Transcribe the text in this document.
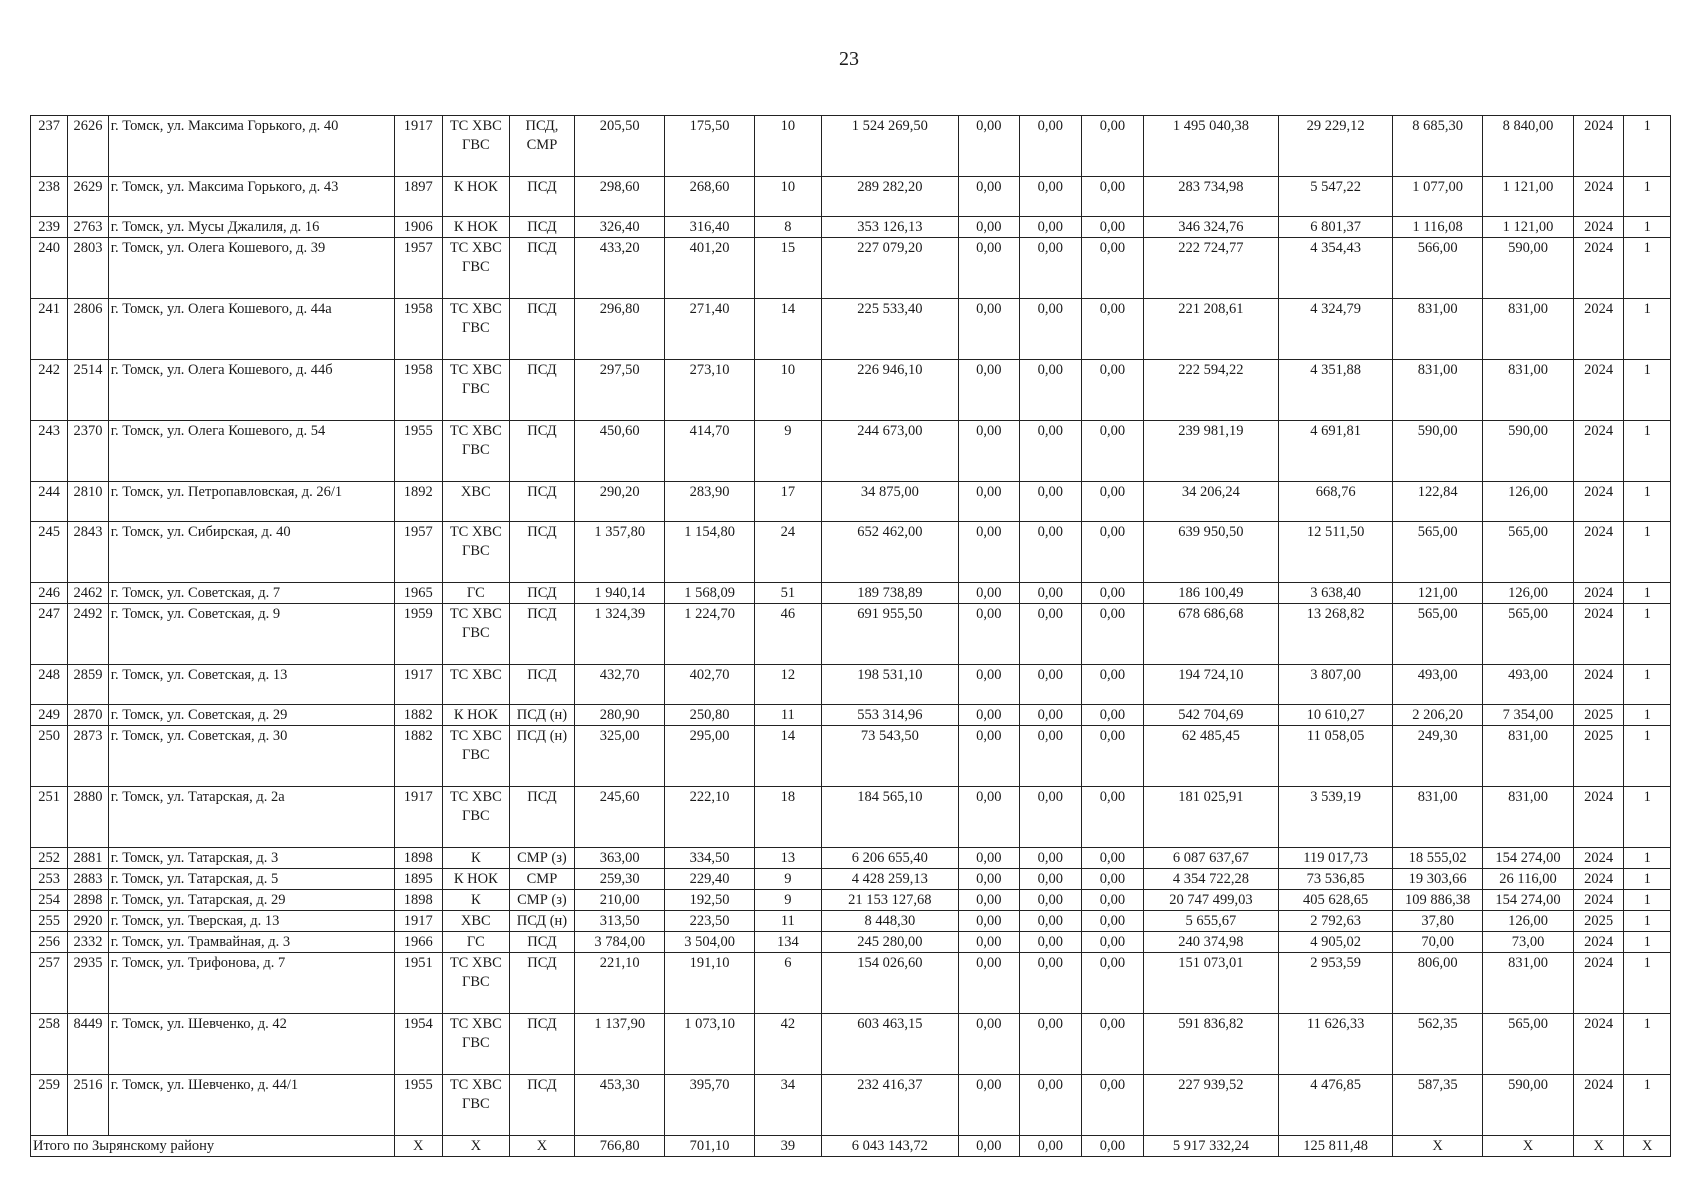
23
237	2626	г. Томск, ул. Максима Горького, д. 40	1917	ТС ХВС ГВС	ПСД, СМР	205,50	175,50	10	1 524 269,50	0,00	0,00	0,00	1 495 040,38	29 229,12	8 685,30	8 840,00	2024	1
238	2629	г. Томск, ул. Максима Горького, д. 43	1897	К НОК	ПСД	298,60	268,60	10	289 282,20	0,00	0,00	0,00	283 734,98	5 547,22	1 077,00	1 121,00	2024	1
239	2763	г. Томск, ул. Мусы Джалиля, д. 16	1906	К НОК	ПСД	326,40	316,40	8	353 126,13	0,00	0,00	0,00	346 324,76	6 801,37	1 116,08	1 121,00	2024	1
240	2803	г. Томск, ул. Олега Кошевого, д. 39	1957	ТС ХВС ГВС	ПСД	433,20	401,20	15	227 079,20	0,00	0,00	0,00	222 724,77	4 354,43	566,00	590,00	2024	1
241	2806	г. Томск, ул. Олега Кошевого, д. 44а	1958	ТС ХВС ГВС	ПСД	296,80	271,40	14	225 533,40	0,00	0,00	0,00	221 208,61	4 324,79	831,00	831,00	2024	1
242	2514	г. Томск, ул. Олега Кошевого, д. 44б	1958	ТС ХВС ГВС	ПСД	297,50	273,10	10	226 946,10	0,00	0,00	0,00	222 594,22	4 351,88	831,00	831,00	2024	1
243	2370	г. Томск, ул. Олега Кошевого, д. 54	1955	ТС ХВС ГВС	ПСД	450,60	414,70	9	244 673,00	0,00	0,00	0,00	239 981,19	4 691,81	590,00	590,00	2024	1
244	2810	г. Томск, ул. Петропавловская, д. 26/1	1892	ХВС	ПСД	290,20	283,90	17	34 875,00	0,00	0,00	0,00	34 206,24	668,76	122,84	126,00	2024	1
245	2843	г. Томск, ул. Сибирская, д. 40	1957	ТС ХВС ГВС	ПСД	1 357,80	1 154,80	24	652 462,00	0,00	0,00	0,00	639 950,50	12 511,50	565,00	565,00	2024	1
246	2462	г. Томск, ул. Советская, д. 7	1965	ГС	ПСД	1 940,14	1 568,09	51	189 738,89	0,00	0,00	0,00	186 100,49	3 638,40	121,00	126,00	2024	1
247	2492	г. Томск, ул. Советская, д. 9	1959	ТС ХВС ГВС	ПСД	1 324,39	1 224,70	46	691 955,50	0,00	0,00	0,00	678 686,68	13 268,82	565,00	565,00	2024	1
248	2859	г. Томск, ул. Советская, д. 13	1917	ТС ХВС	ПСД	432,70	402,70	12	198 531,10	0,00	0,00	0,00	194 724,10	3 807,00	493,00	493,00	2024	1
249	2870	г. Томск, ул. Советская, д. 29	1882	К НОК	ПСД (н)	280,90	250,80	11	553 314,96	0,00	0,00	0,00	542 704,69	10 610,27	2 206,20	7 354,00	2025	1
250	2873	г. Томск, ул. Советская, д. 30	1882	ТС ХВС ГВС	ПСД (н)	325,00	295,00	14	73 543,50	0,00	0,00	0,00	62 485,45	11 058,05	249,30	831,00	2025	1
251	2880	г. Томск, ул. Татарская, д. 2а	1917	ТС ХВС ГВС	ПСД	245,60	222,10	18	184 565,10	0,00	0,00	0,00	181 025,91	3 539,19	831,00	831,00	2024	1
252	2881	г. Томск, ул. Татарская, д. 3	1898	К	СМР (з)	363,00	334,50	13	6 206 655,40	0,00	0,00	0,00	6 087 637,67	119 017,73	18 555,02	154 274,00	2024	1
253	2883	г. Томск, ул. Татарская, д. 5	1895	К НОК	СМР	259,30	229,40	9	4 428 259,13	0,00	0,00	0,00	4 354 722,28	73 536,85	19 303,66	26 116,00	2024	1
254	2898	г. Томск, ул. Татарская, д. 29	1898	К	СМР (з)	210,00	192,50	9	21 153 127,68	0,00	0,00	0,00	20 747 499,03	405 628,65	109 886,38	154 274,00	2024	1
255	2920	г. Томск, ул. Тверская, д. 13	1917	ХВС	ПСД (н)	313,50	223,50	11	8 448,30	0,00	0,00	0,00	5 655,67	2 792,63	37,80	126,00	2025	1
256	2332	г. Томск, ул. Трамвайная, д. 3	1966	ГС	ПСД	3 784,00	3 504,00	134	245 280,00	0,00	0,00	0,00	240 374,98	4 905,02	70,00	73,00	2024	1
257	2935	г. Томск, ул. Трифонова, д. 7	1951	ТС ХВС ГВС	ПСД	221,10	191,10	6	154 026,60	0,00	0,00	0,00	151 073,01	2 953,59	806,00	831,00	2024	1
258	8449	г. Томск, ул. Шевченко, д. 42	1954	ТС ХВС ГВС	ПСД	1 137,90	1 073,10	42	603 463,15	0,00	0,00	0,00	591 836,82	11 626,33	562,35	565,00	2024	1
259	2516	г. Томск, ул. Шевченко, д. 44/1	1955	ТС ХВС ГВС	ПСД	453,30	395,70	34	232 416,37	0,00	0,00	0,00	227 939,52	4 476,85	587,35	590,00	2024	1
Итого по Зырянскому району			Х	Х	Х	766,80	701,10	39	6 043 143,72	0,00	0,00	0,00	5 917 332,24	125 811,48	Х	Х	Х	Х
